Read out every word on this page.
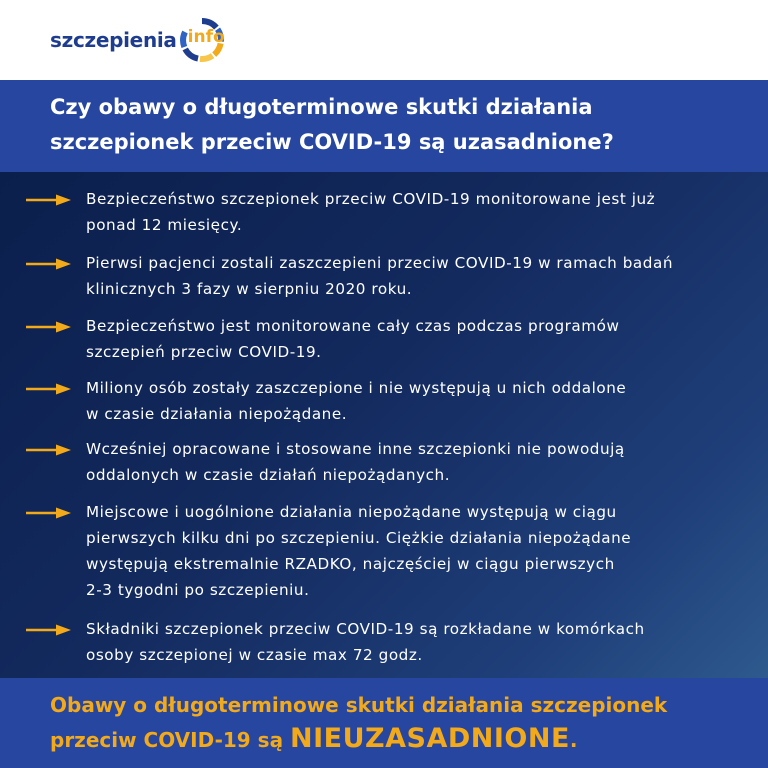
szczepienia info
Czy obawy o długoterminowe skutki działania
szczepionek przeciw COVID-19 są uzasadnione?

Bezpieczeństwo szczepionek przeciw COVID-19 monitorowane jest już
ponad 12 miesięcy.

Pierwsi pacjenci zostali zaszczepieni przeciw COVID-19 w ramach badań
klinicznych 3 fazy w sierpniu 2020 roku.

Bezpieczeństwo jest monitorowane cały czas podczas programów
szczepień przeciw COVID-19.

Miliony osób zostały zaszczepione i nie występują u nich oddalone
w czasie działania niepożądane.

Wcześniej opracowane i stosowane inne szczepionki nie powodują
oddalonych w czasie działań niepożądanych.

Miejscowe i uogólnione działania niepożądane występują w ciągu
pierwszych kilku dni po szczepieniu. Ciężkie działania niepożądane
występują ekstremalnie RZADKO, najczęściej w ciągu pierwszych
2-3 tygodni po szczepieniu.

Składniki szczepionek przeciw COVID-19 są rozkładane w komórkach
osoby szczepionej w czasie max 72 godz.

Obawy o długoterminowe skutki działania szczepionek
przeciw COVID-19 są NIEUZASADNIONE.
